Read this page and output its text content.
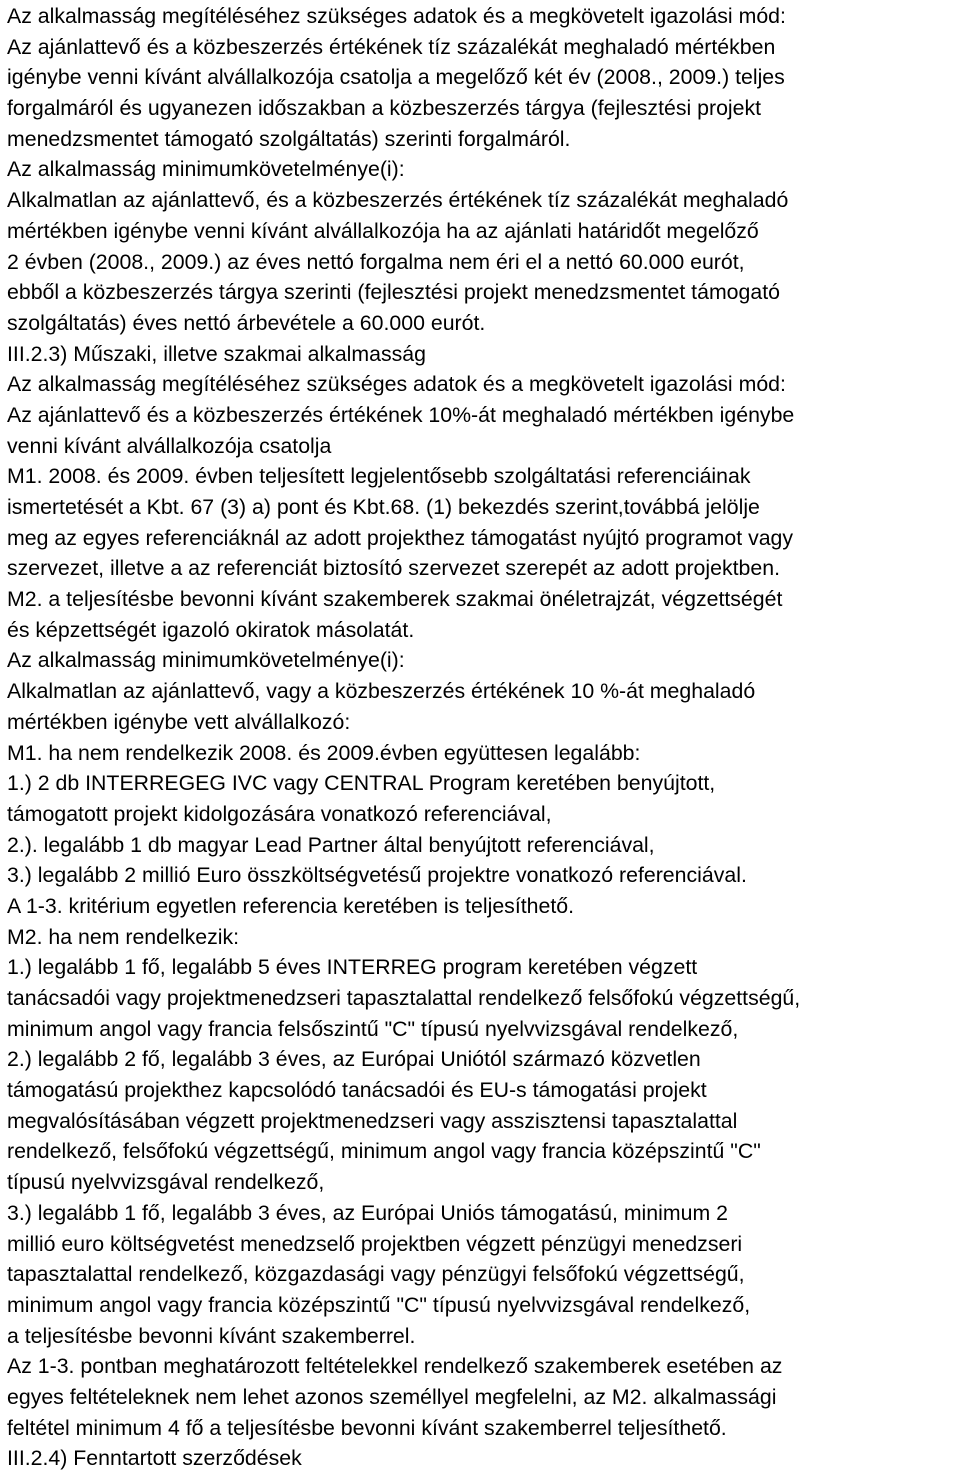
Az alkalmasság megítéléséhez szükséges adatok és a megkövetelt igazolási mód:
Az ajánlattevő és a közbeszerzés értékének tíz százalékát meghaladó mértékben
igénybe venni kívánt alvállalkozója csatolja a megelőző két év (2008., 2009.) teljes
forgalmáról és ugyanezen időszakban a közbeszerzés tárgya (fejlesztési projekt
menedzsmentet támogató szolgáltatás) szerinti forgalmáról.
Az alkalmasság minimumkövetelménye(i):
Alkalmatlan az ajánlattevő, és a közbeszerzés értékének tíz százalékát meghaladó
mértékben igénybe venni kívánt alvállalkozója ha az ajánlati határidőt megelőző
2 évben (2008., 2009.) az éves nettó forgalma nem éri el a nettó 60.000 eurót,
ebből a közbeszerzés tárgya szerinti (fejlesztési projekt menedzsmentet támogató
szolgáltatás) éves nettó árbevétele a 60.000 eurót.
III.2.3) Műszaki, illetve szakmai alkalmasság
Az alkalmasság megítéléséhez szükséges adatok és a megkövetelt igazolási mód:
Az ajánlattevő és a közbeszerzés értékének 10%-át meghaladó mértékben igénybe
venni kívánt alvállalkozója csatolja
M1. 2008. és 2009. évben teljesített legjelentősebb szolgáltatási referenciáinak
ismertetését a Kbt. 67 (3) a) pont és Kbt.68. (1) bekezdés szerint,továbbá jelölje
meg az egyes referenciáknál az adott projekthez támogatást nyújtó programot vagy
szervezet, illetve a az referenciát biztosító szervezet szerepét az adott projektben.
M2. a teljesítésbe bevonni kívánt szakemberek szakmai önéletrajzát, végzettségét
és képzettségét igazoló okiratok másolatát.
Az alkalmasság minimumkövetelménye(i):
Alkalmatlan az ajánlattevő, vagy a közbeszerzés értékének 10 %-át meghaladó
mértékben igénybe vett alvállalkozó:
M1. ha nem rendelkezik 2008. és 2009.évben együttesen legalább:
1.) 2 db INTERREGEG IVC vagy CENTRAL Program keretében benyújtott,
támogatott projekt kidolgozására vonatkozó referenciával,
2.). legalább 1 db magyar Lead Partner által benyújtott referenciával,
3.) legalább 2 millió Euro összköltségvetésű projektre vonatkozó referenciával.
A 1-3. kritérium egyetlen referencia keretében is teljesíthető.
M2. ha nem rendelkezik:
1.) legalább 1 fő, legalább 5 éves INTERREG program keretében végzett
tanácsadói vagy projektmenedzseri tapasztalattal rendelkező felsőfokú végzettségű,
minimum angol vagy francia felsőszintű "C" típusú nyelvvizsgával rendelkező,
2.) legalább 2 fő, legalább 3 éves, az Európai Uniótól származó közvetlen
támogatású projekthez kapcsolódó tanácsadói és EU-s támogatási projekt
megvalósításában végzett projektmenedzseri vagy asszisztensi tapasztalattal
rendelkező, felsőfokú végzettségű, minimum angol vagy francia középszintű "C"
típusú nyelvvizsgával rendelkező,
3.) legalább 1 fő, legalább 3 éves, az Európai Uniós támogatású, minimum 2
millió euro költségvetést menedzselő projektben végzett pénzügyi menedzseri
tapasztalattal rendelkező, közgazdasági vagy pénzügyi felsőfokú végzettségű,
minimum angol vagy francia középszintű "C" típusú nyelvvizsgával rendelkező,
a teljesítésbe bevonni kívánt szakemberrel.
Az 1-3. pontban meghatározott feltételekkel rendelkező szakemberek esetében az
egyes feltételeknek nem lehet azonos személlyel megfelelni, az M2. alkalmassági
feltétel minimum 4 fő a teljesítésbe bevonni kívánt szakemberrel teljesíthető.
III.2.4) Fenntartott szerződések
